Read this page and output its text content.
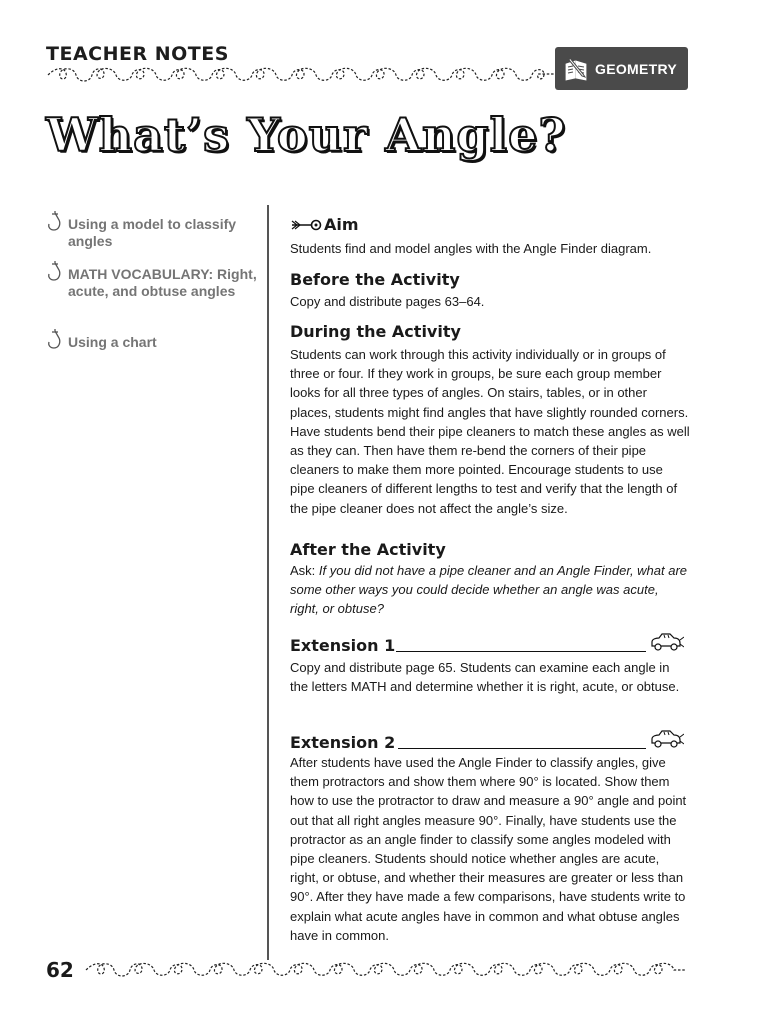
TEACHER NOTES
GEOMETRY
What’s Your Angle?
Using a model to classify angles
MATH VOCABULARY: Right, acute, and obtuse angles
Using a chart
Aim
Students find and model angles with the Angle Finder diagram.
Before the Activity
Copy and distribute pages 63–64.
During the Activity
Students can work through this activity individually or in groups of three or four. If they work in groups, be sure each group member looks for all three types of angles. On stairs, tables, or in other places, students might find angles that have slightly rounded corners. Have students bend their pipe cleaners to match these angles as well as they can. Then have them re-bend the corners of their pipe cleaners to make them more pointed. Encourage students to use pipe cleaners of different lengths to test and verify that the length of the pipe cleaner does not affect the angle’s size.
After the Activity
Ask: If you did not have a pipe cleaner and an Angle Finder, what are some other ways you could decide whether an angle was acute, right, or obtuse?
Extension 1
Copy and distribute page 65. Students can examine each angle in the letters MATH and determine whether it is right, acute, or obtuse.
Extension 2
After students have used the Angle Finder to classify angles, give them protractors and show them where 90° is located. Show them how to use the protractor to draw and measure a 90° angle and point out that all right angles measure 90°. Finally, have students use the protractor as an angle finder to classify some angles modeled with pipe cleaners. Students should notice whether angles are acute, right, or obtuse, and whether their measures are greater or less than 90°. After they have made a few comparisons, have students write to explain what acute angles have in common and what obtuse angles have in common.
62
